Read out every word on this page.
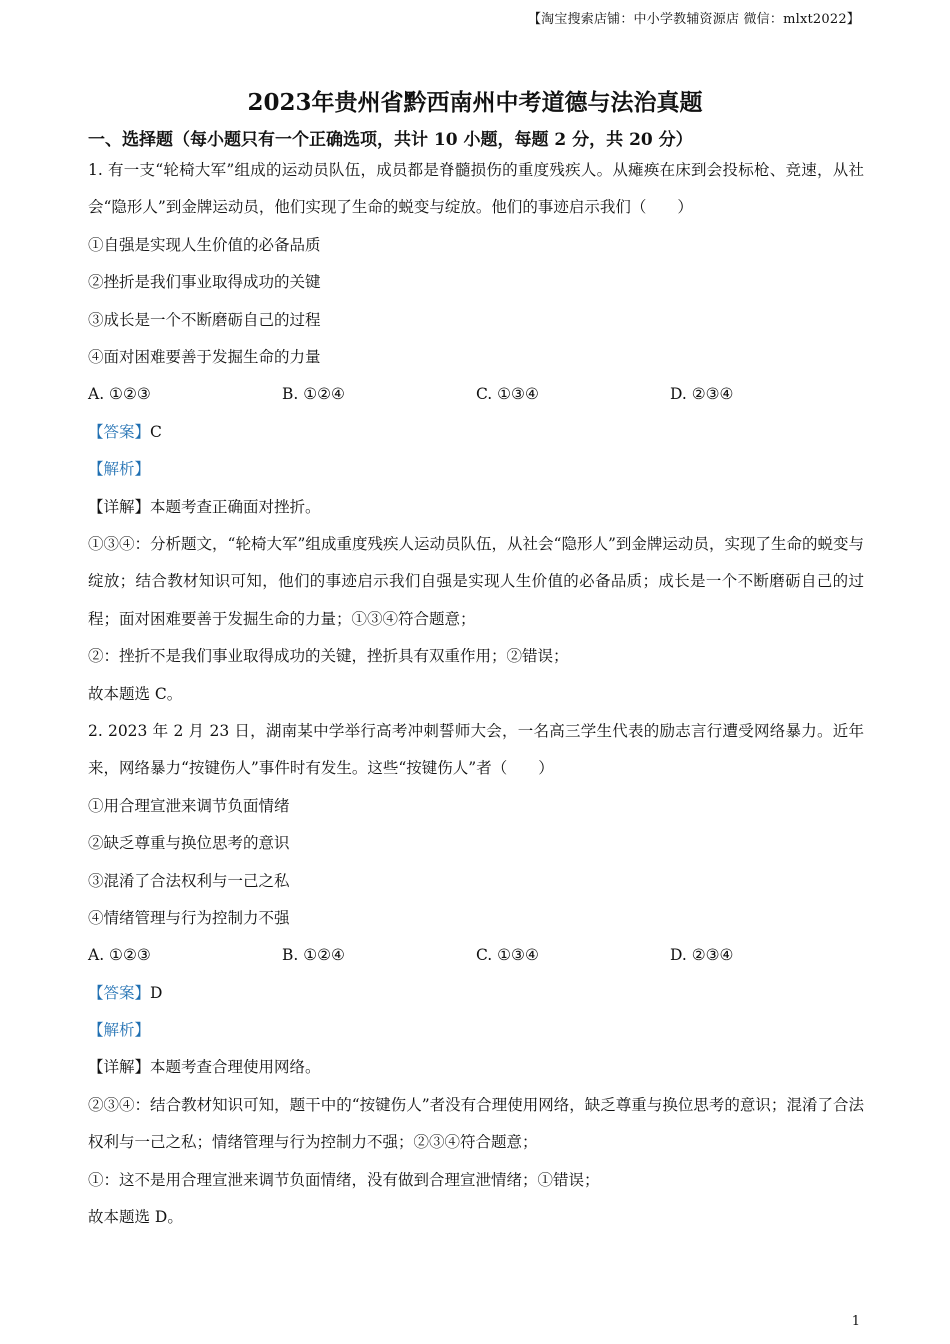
【淘宝搜索店铺：中小学教辅资源店 微信：mlxt2022】
2023年贵州省黔西南州中考道德与法治真题
一、选择题（每小题只有一个正确选项，共计 10 小题，每题 2 分，共 20 分）
1. 有一支“轮椅大军”组成的运动员队伍，成员都是脊髓损伤的重度残疾人。从瘫痪在床到会投标枪、竞速，从社会“隐形人”到金牌运动员，他们实现了生命的蜕变与绽放。他们的事迹启示我们（　　）
①自强是实现人生价值的必备品质
②挫折是我们事业取得成功的关键
③成长是一个不断磨砺自己的过程
④面对困难要善于发掘生命的力量
A. ①②③	B. ①②④	C. ①③④	D. ②③④
【答案】C
【解析】
【详解】本题考查正确面对挫折。
①③④：分析题文，“轮椅大军”组成重度残疾人运动员队伍，从社会“隐形人”到金牌运动员，实现了生命的蜕变与绽放；结合教材知识可知，他们的事迹启示我们自强是实现人生价值的必备品质；成长是一个不断磨砺自己的过程；面对困难要善于发掘生命的力量；①③④符合题意；
②：挫折不是我们事业取得成功的关键，挫折具有双重作用；②错误；
故本题选 C。
2. 2023 年 2 月 23 日，湖南某中学举行高考冲刺誓师大会，一名高三学生代表的励志言行遭受网络暴力。近年来，网络暴力“按键伤人”事件时有发生。这些“按键伤人”者（　　）
①用合理宣泄来调节负面情绪
②缺乏尊重与换位思考的意识
③混淆了合法权利与一己之私
④情绪管理与行为控制力不强
A. ①②③	B. ①②④	C. ①③④	D. ②③④
【答案】D
【解析】
【详解】本题考查合理使用网络。
②③④：结合教材知识可知，题干中的“按键伤人”者没有合理使用网络，缺乏尊重与换位思考的意识；混淆了合法权利与一己之私；情绪管理与行为控制力不强；②③④符合题意；
①：这不是用合理宣泄来调节负面情绪，没有做到合理宣泄情绪；①错误；
故本题选 D。
1
